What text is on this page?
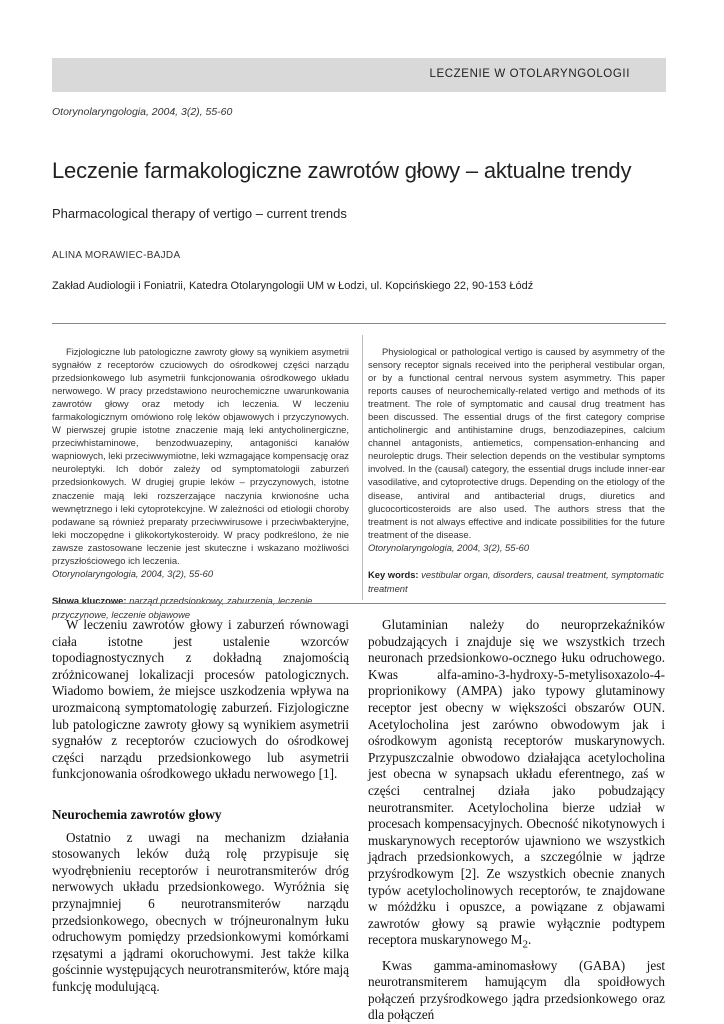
LECZENIE W OTOLARYNGOLOGII
Otorynolaryngologia, 2004, 3(2), 55-60
Leczenie farmakologiczne zawrotów głowy – aktualne trendy
Pharmacological therapy of vertigo – current trends
ALINA MORAWIEC-BAJDA
Zakład Audiologii i Foniatrii, Katedra Otolaryngologii UM w Łodzi, ul. Kopcińskiego 22, 90-153 Łódź

Fizjologiczne lub patologiczne zawroty głowy są wynikiem asymetrii sygnałów z receptorów czuciowych do ośrodkowej części narządu przedsionkowego lub asymetrii funkcjonowania ośrodkowego układu nerwowego. W pracy przedstawiono neurochemiczne uwarunkowania zawrotów głowy oraz metody ich leczenia. W leczeniu farmakologicznym omówiono rolę leków objawowych i przyczynowych. W pierwszej grupie istotne znaczenie mają leki antycholinergiczne, przeciwhistaminowe, benzodwuazepiny, antagoniści kanałów wapniowych, leki przeciwwymiotne, leki wzmagające kompensację oraz neuroleptyki. Ich dobór zależy od symptomatologii zaburzeń przedsionkowych. W drugiej grupie leków – przyczynowych, istotne znaczenie mają leki rozszerzające naczynia krwionośne ucha wewnętrznego i leki cytoprotekcyjne. W zależności od etiologii choroby podawane są również preparaty przeciwwirusowe i przeciwbakteryjne, leki moczopędne i glikokortykosteroidy. W pracy podkreślono, że nie zawsze zastosowane leczenie jest skuteczne i wskazano możliwości przyszłościowego ich leczenia.

Otorynolaryngologia, 2004, 3(2), 55-60

Słowa kluczowe: narząd przedsionkowy, zaburzenia, leczenie przyczynowe, leczenie objawowe

Physiological or pathological vertigo is caused by asymmetry of the sensory receptor signals received into the peripheral vestibular organ, or by a functional central nervous system asymmetry. This paper reports causes of neurochemically-related vertigo and methods of its treatment. The role of symptomatic and causal drug treatment has been discussed. The essential drugs of the first category comprise anticholinergic and antihistamine drugs, benzodiazepines, calcium channel antagonists, antiemetics, compensation-enhancing and neuroleptic drugs. Their selection depends on the vestibular symptoms involved. In the (causal) category, the essential drugs include inner-ear vasodilative, and cytoprotective drugs. Depending on the etiology of the disease, antiviral and antibacterial drugs, diuretics and glucocorticosteroids are also used. The authors stress that the treatment is not always effective and indicate possibilities for the future treatment of the disease.

Otorynolaryngologia, 2004, 3(2), 55-60

Key words: vestibular organ, disorders, causal treatment, symptomatic treatment

W leczeniu zawrotów głowy i zaburzeń równowagi ciała istotne jest ustalenie wzorców topodiagnostycznych z dokładną znajomością zróżnicowanej lokalizacji procesów patologicznych. Wiadomo bowiem, że miejsce uszkodzenia wpływa na urozmaiconą symptomatologię zaburzeń. Fizjologiczne lub patologiczne zawroty głowy są wynikiem asymetrii sygnałów z receptorów czuciowych do ośrodkowej części narządu przedsionkowego lub asymetrii funkcjonowania ośrodkowego układu nerwowego [1].

Neurochemia zawrotów głowy

Ostatnio z uwagi na mechanizm działania stosowanych leków dużą rolę przypisuje się wyodrębnieniu receptorów i neurotransmiterów dróg nerwowych układu przedsionkowego. Wyróżnia się przynajmniej 6 neurotransmiterów narządu przedsionkowego, obecnych w trójneuronalnym łuku odruchowym pomiędzy przedsionkowymi komórkami rzęsatymi a jądrami okoruchowymi. Jest także kilka gościnnie występujących neurotransmiterów, które mają funkcję modulującą.

Glutaminian należy do neuroprzekaźników pobudzających i znajduje się we wszystkich trzech neuronach przedsionkowo-ocznego łuku odruchowego. Kwas alfa-amino-3-hydroxy-5-metylisoxazolo-4-proprionikowy (AMPA) jako typowy glutaminowy receptor jest obecny w większości obszarów OUN. Acetylocholina jest zarówno obwodowym jak i ośrodkowym agonistą receptorów muskarynowych. Przypuszczalnie obwodowo działająca acetylocholina jest obecna w synapsach układu eferentnego, zaś w części centralnej działa jako pobudzający neurotransmiter. Acetylocholina bierze udział w procesach kompensacyjnych. Obecność nikotynowych i muskarynowych receptorów ujawniono we wszystkich jądrach przedsionkowych, a szczególnie w jądrze przyśrodkowym [2]. Ze wszystkich obecnie znanych typów acetylocholinowych receptorów, te znajdowane w móżdżku i opuszce, a powiązane z objawami zawrotów głowy są prawie wyłącznie podtypem receptora muskarynowego $M_2$.

Kwas gamma-aminomasłowy (GABA) jest neurotransmiterem hamującym dla spoidłowych połączeń przyśrodkowego jądra przedsionkowego oraz dla połączeń
